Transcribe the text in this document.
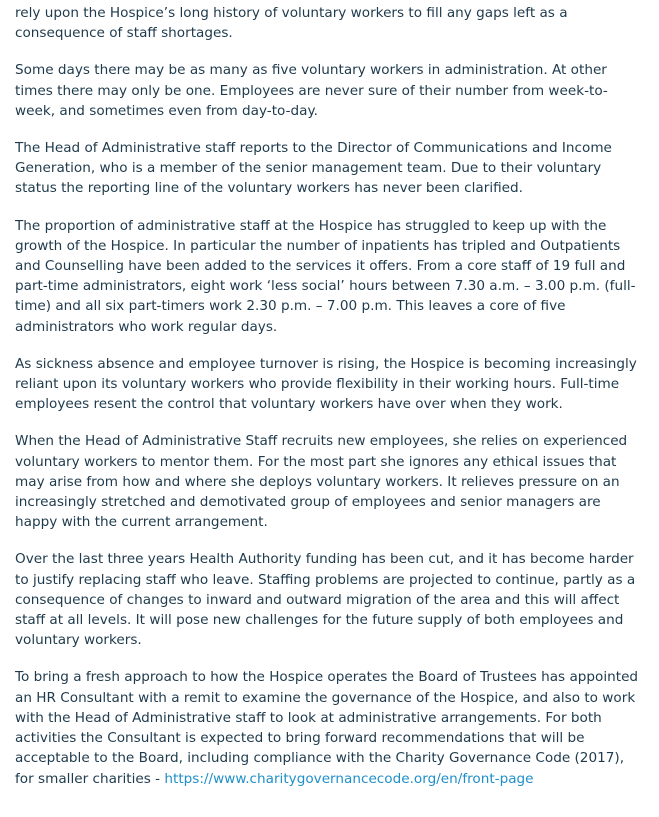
rely upon the Hospice’s long history of voluntary workers to fill any gaps left as a consequence of staff shortages.

Some days there may be as many as five voluntary workers in administration. At other times there may only be one. Employees are never sure of their number from week-to-week, and sometimes even from day-to-day.

The Head of Administrative staff reports to the Director of Communications and Income Generation, who is a member of the senior management team. Due to their voluntary status the reporting line of the voluntary workers has never been clarified.

The proportion of administrative staff at the Hospice has struggled to keep up with the growth of the Hospice. In particular the number of inpatients has tripled and Outpatients and Counselling have been added to the services it offers. From a core staff of 19 full and part-time administrators, eight work ‘less social’ hours between 7.30 a.m. – 3.00 p.m. (full-time) and all six part-timers work 2.30 p.m. – 7.00 p.m. This leaves a core of five administrators who work regular days.

As sickness absence and employee turnover is rising, the Hospice is becoming increasingly reliant upon its voluntary workers who provide flexibility in their working hours. Full-time employees resent the control that voluntary workers have over when they work.

When the Head of Administrative Staff recruits new employees, she relies on experienced voluntary workers to mentor them. For the most part she ignores any ethical issues that may arise from how and where she deploys voluntary workers. It relieves pressure on an increasingly stretched and demotivated group of employees and senior managers are happy with the current arrangement.

Over the last three years Health Authority funding has been cut, and it has become harder to justify replacing staff who leave. Staffing problems are projected to continue, partly as a consequence of changes to inward and outward migration of the area and this will affect staff at all levels. It will pose new challenges for the future supply of both employees and voluntary workers.

To bring a fresh approach to how the Hospice operates the Board of Trustees has appointed an HR Consultant with a remit to examine the governance of the Hospice, and also to work with the Head of Administrative staff to look at administrative arrangements. For both activities the Consultant is expected to bring forward recommendations that will be acceptable to the Board, including compliance with the Charity Governance Code (2017), for smaller charities - https://www.charitygovernancecode.org/en/front-page
